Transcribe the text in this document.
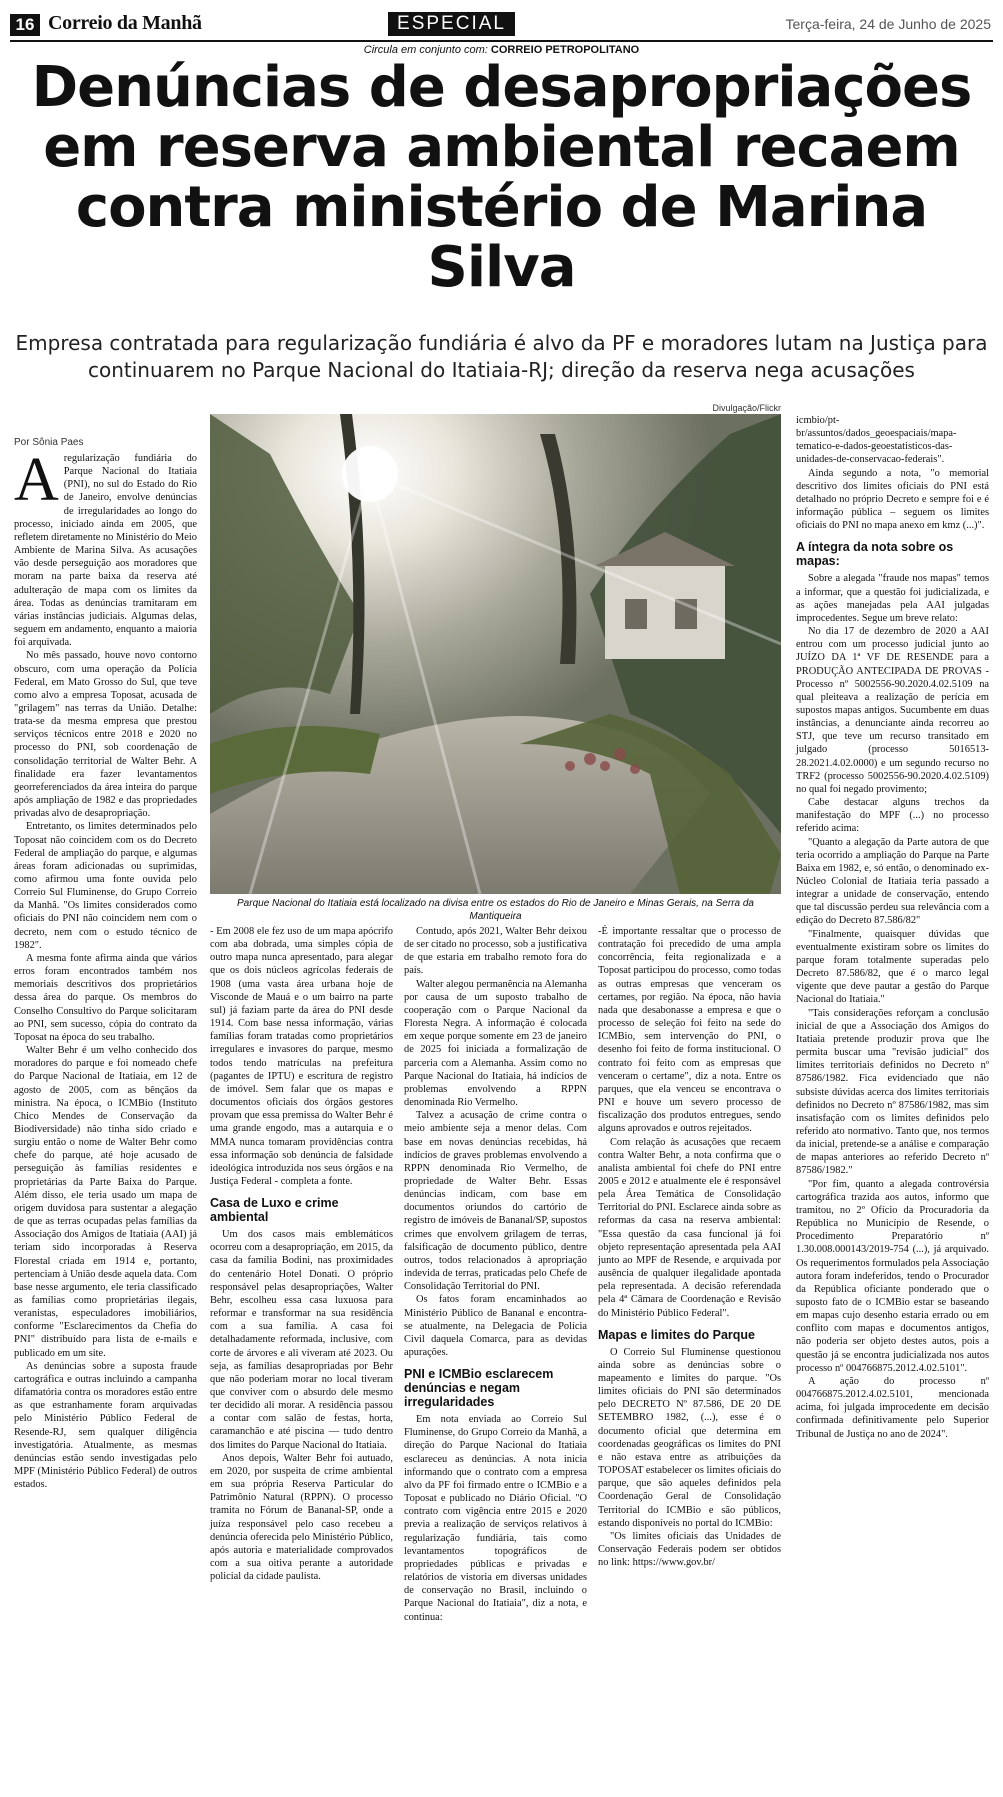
16 Correio da Manhã	ESPECIAL	Terça-feira, 24 de Junho de 2025
Circula em conjunto com: CORREIO PETROPOLITANO
Denúncias de desapropriações em reserva ambiental recaem contra ministério de Marina Silva
Empresa contratada para regularização fundiária é alvo da PF e moradores lutam na Justiça para continuarem no Parque Nacional do Itatiaia-RJ; direção da reserva nega acusações
Por Sônia Paes
Divulgação/Flickr
Parque Nacional do Itatiaia está localizado na divisa entre os estados do Rio de Janeiro e Minas Gerais, na Serra da Mantiqueira
A regularização fundiária do Parque Nacional do Itatiaia (PNI), no sul do Estado do Rio de Janeiro, envolve denúncias de irregularidades ao longo do processo, iniciado ainda em 2005, que refletem diretamente no Ministério do Meio Ambiente de Marina Silva. As acusações vão desde perseguição aos moradores que moram na parte baixa da reserva até adulteração de mapa com os limites da área. Todas as denúncias tramitaram em várias instâncias judiciais. Algumas delas, seguem em andamento, enquanto a maioria foi arquivada.

No mês passado, houve novo contorno obscuro, com uma operação da Polícia Federal, em Mato Grosso do Sul, que teve como alvo a empresa Toposat, acusada de "grilagem" nas terras da União. Detalhe: trata-se da mesma empresa que prestou serviços técnicos entre 2018 e 2020 no processo do PNI, sob coordenação de consolidação territorial de Walter Behr. A finalidade era fazer levantamentos georreferenciados da área inteira do parque após ampliação de 1982 e das propriedades privadas alvo de desapropriação.

Entretanto, os limites determinados pelo Toposat não coincidem com os do Decreto Federal de ampliação do parque, e algumas áreas foram adicionadas ou suprimidas, como afirmou uma fonte ouvida pelo Correio Sul Fluminense, do Grupo Correio da Manhã. "Os limites considerados como oficiais do PNI não coincidem nem com o decreto, nem com o estudo técnico de 1982".

A mesma fonte afirma ainda que vários erros foram encontrados também nos memoriais descritivos dos proprietários dessa área do parque. Os membros do Conselho Consultivo do Parque solicitaram ao PNI, sem sucesso, cópia do contrato da Toposat na época do seu trabalho.

Walter Behr é um velho conhecido dos moradores do parque e foi nomeado chefe do Parque Nacional de Itatiaia, em 12 de agosto de 2005, com as bênçãos da ministra. Na época, o ICMBio (Instituto Chico Mendes de Conservação da Biodiversidade) não tinha sido criado e surgiu então o nome de Walter Behr como chefe do parque, até hoje acusado de perseguição às famílias residentes e proprietárias da Parte Baixa do Parque. Além disso, ele teria usado um mapa de origem duvidosa para sustentar a alegação de que as terras ocupadas pelas famílias da Associação dos Amigos de Itatiaia (AAI) já teriam sido incorporadas à Reserva Florestal criada em 1914 e, portanto, pertenciam à União desde aquela data. Com base nesse argumento, ele teria classificado as famílias como proprietárias ilegais, veranistas, especuladores imobiliários, conforme "Esclarecimentos da Chefia do PNI" distribuído para lista de e-mails e publicado em um site.

As denúncias sobre a suposta fraude cartográfica e outras incluindo a campanha difamatória contra os moradores estão entre as que estranhamente foram arquivadas pelo Ministério Público Federal de Resende-RJ, sem qualquer diligência investigatória. Atualmente, as mesmas denúncias estão sendo investigadas pelo MPF (Ministério Público Federal) de outros estados.

- Em 2008 ele fez uso de um mapa apócrifo com aba dobrada, uma simples cópia de outro mapa nunca apresentado, para alegar que os dois núcleos agrícolas federais de 1908 (uma vasta área urbana hoje de Visconde de Mauá e o um bairro na parte sul) já faziam parte da área do PNI desde 1914. Com base nessa informação, várias famílias foram tratadas como proprietários irregulares e invasores do parque, mesmo todos tendo matrículas na prefeitura (pagantes de IPTU) e escritura de registro de imóvel. Sem falar que os mapas e documentos oficiais dos órgãos gestores provam que essa premissa do Walter Behr é uma grande engodo, mas a autarquia e o MMA nunca tomaram providências contra essa informação sob denúncia de falsidade ideológica introduzida nos seus órgãos e na Justiça Federal - completa a fonte.

Casa de Luxo e crime ambiental

Um dos casos mais emblemáticos ocorreu com a desapropriação, em 2015, da casa da família Bodini, nas proximidades do centenário Hotel Donati. O próprio responsável pelas desapropriações, Walter Behr, escolheu essa casa luxuosa para reformar e transformar na sua residência com a sua família. A casa foi detalhadamente reformada, inclusive, com corte de árvores e ali viveram até 2023. Ou seja, as famílias desapropriadas por Behr que não poderiam morar no local tiveram que conviver com o absurdo dele mesmo ter decidido ali morar. A residência passou a contar com salão de festas, horta, caramanchão e até piscina — tudo dentro dos limites do Parque Nacional do Itatiaia.

Anos depois, Walter Behr foi autuado, em 2020, por suspeita de crime ambiental em sua própria Reserva Particular do Patrimônio Natural (RPPN). O processo tramita no Fórum de Bananal-SP, onde a juíza responsável pelo caso recebeu a denúncia oferecida pelo Ministério Público, após autoria e materialidade comprovados com a sua oitiva perante a autoridade policial da cidade paulista.

Contudo, após 2021, Walter Behr deixou de ser citado no processo, sob a justificativa de que estaria em trabalho remoto fora do país.

Walter alegou permanência na Alemanha por causa de um suposto trabalho de cooperação com o Parque Nacional da Floresta Negra. A informação é colocada em xeque porque somente em 23 de janeiro de 2025 foi iniciada a formalização de parceria com a Alemanha. Assim como no Parque Nacional do Itatiaia, há indícios de problemas envolvendo a RPPN denominada Rio Vermelho.

Talvez a acusação de crime contra o meio ambiente seja a menor delas. Com base em novas denúncias recebidas, há indícios de graves problemas envolvendo a RPPN denominada Rio Vermelho, de propriedade de Walter Behr. Essas denúncias indicam, com base em documentos oriundos do cartório de registro de imóveis de Bananal/SP, supostos crimes que envolvem grilagem de terras, falsificação de documento público, dentre outros, todos relacionados à apropriação indevida de terras, praticadas pelo Chefe de Consolidação Territorial do PNI.

Os fatos foram encaminhados ao Ministério Público de Bananal e encontra-se atualmente, na Delegacia de Polícia Civil daquela Comarca, para as devidas apurações.

PNI e ICMBio esclarecem denúncias e negam irregularidades

Em nota enviada ao Correio Sul Fluminense, do Grupo Correio da Manhã, a direção do Parque Nacional do Itatiaia esclareceu as denúncias. A nota inicia informando que o contrato com a empresa alvo da PF foi firmado entre o ICMBio e a Toposat e publicado no Diário Oficial. "O contrato com vigência entre 2015 e 2020 previa a realização de serviços relativos à regularização fundiária, tais como levantamentos topográficos de propriedades públicas e privadas e relatórios de vistoria em diversas unidades de conservação no Brasil, incluindo o Parque Nacional do Itatiaia", diz a nota, e continua:

-É importante ressaltar que o processo de contratação foi precedido de uma ampla concorrência, feita regionalizada e a Toposat participou do processo, como todas as outras empresas que venceram os certames, por região. Na época, não havia nada que desabonasse a empresa e que o processo de seleção foi feito na sede do ICMBio, sem intervenção do PNI, o desenho foi feito de forma institucional. O contrato foi feito com as empresas que venceram o certame", diz a nota. Entre os parques, que ela venceu se encontrava o PNI e houve um severo processo de fiscalização dos produtos entregues, sendo alguns aprovados e outros rejeitados.

Com relação às acusações que recaem contra Walter Behr, a nota confirma que o analista ambiental foi chefe do PNI entre 2005 e 2012 e atualmente ele é responsável pela Área Temática de Consolidação Territorial do PNI. Esclarece ainda sobre as reformas da casa na reserva ambiental: "Essa questão da casa funcional já foi objeto representação apresentada pela AAI junto ao MPF de Resende, e arquivada por ausência de qualquer ilegalidade apontada pela representada. A decisão referendada pela 4ª Câmara de Coordenação e Revisão do Ministério Público Federal".

Mapas e limites do Parque

O Correio Sul Fluminense questionou ainda sobre as denúncias sobre o mapeamento e limites do parque. "Os limites oficiais do PNI são determinados pelo DECRETO Nº 87.586, DE 20 DE SETEMBRO 1982, (...), esse é o documento oficial que determina em coordenadas geográficas os limites do PNI e não estava entre as atribuições da TOPOSAT estabelecer os limites oficiais do parque, que são aqueles definidos pela Coordenação Geral de Consolidação Territorial do ICMBio e são públicos, estando disponíveis no portal do ICMBio:

"Os limites oficiais das Unidades de Conservação Federais podem ser obtidos no link: https://www.gov.br/

icmbio/pt-br/assuntos/dados_geoespaciais/mapa-tematico-e-dados-geoestatisticos-das-unidades-de-conservacao-federais".

Ainda segundo a nota, "o memorial descritivo dos limites oficiais do PNI está detalhado no próprio Decreto e sempre foi e é informação pública – seguem os limites oficiais do PNI no mapa anexo em kmz (...)".

A íntegra da nota sobre os mapas:

Sobre a alegada "fraude nos mapas" temos a informar, que a questão foi judicializada, e as ações manejadas pela AAI julgadas improcedentes. Segue um breve relato:

No dia 17 de dezembro de 2020 a AAI entrou com um processo judicial junto ao JUÍZO DA 1ª VF DE RESENDE para a PRODUÇÃO ANTECIPADA DE PROVAS - Processo nº 5002556-90.2020.4.02.5109 na qual pleiteava a realização de perícia em supostos mapas antigos. Sucumbente em duas instâncias, a denunciante ainda recorreu ao STJ, que teve um recurso transitado em julgado (processo 5016513-28.2021.4.02.0000) e um segundo recurso no TRF2 (processo 5002556-90.2020.4.02.5109) no qual foi negado provimento;

Cabe destacar alguns trechos da manifestação do MPF (...) no processo referido acima:

"Quanto a alegação da Parte autora de que teria ocorrido a ampliação do Parque na Parte Baixa em 1982, e, só então, o denominado ex-Núcleo Colonial de Itatiaia teria passado a integrar a unidade de conservação, entendo que tal discussão perdeu sua relevância com a edição do Decreto 87.586/82"

"Finalmente, quaisquer dúvidas que eventualmente existiram sobre os limites do parque foram totalmente superadas pelo Decreto 87.586/82, que é o marco legal vigente que deve pautar a gestão do Parque Nacional do Itatiaia."

"Tais considerações reforçam a conclusão inicial de que a Associação dos Amigos do Itatiaia pretende produzir prova que lhe permita buscar uma "revisão judicial" dos limites territoriais definidos no Decreto nº 87586/1982. Fica evidenciado que não subsiste dúvidas acerca dos limites territoriais definidos no Decreto nº 87586/1982, mas sim insatisfação com os limites definidos pelo referido ato normativo. Tanto que, nos termos da inicial, pretende-se a análise e comparação de mapas anteriores ao referido Decreto nº 87586/1982."

"Por fim, quanto a alegada controvérsia cartográfica trazida aos autos, informo que tramitou, no 2º Ofício da Procuradoria da República no Município de Resende, o Procedimento Preparatório nº 1.30.008.000143/2019-754 (...), já arquivado. Os requerimentos formulados pela Associação autora foram indeferidos, tendo o Procurador da República oficiante ponderado que o suposto fato de o ICMBio estar se baseando em mapas cujo desenho estaria errado ou em conflito com mapas e documentos antigos, não poderia ser objeto destes autos, pois a questão já se encontra judicializada nos autos processo nº 004766875.2012.4.02.5101".

A ação do processo nº 004766875.2012.4.02.5101, mencionada acima, foi julgada improcedente em decisão confirmada definitivamente pelo Superior Tribunal de Justiça no ano de 2024".
